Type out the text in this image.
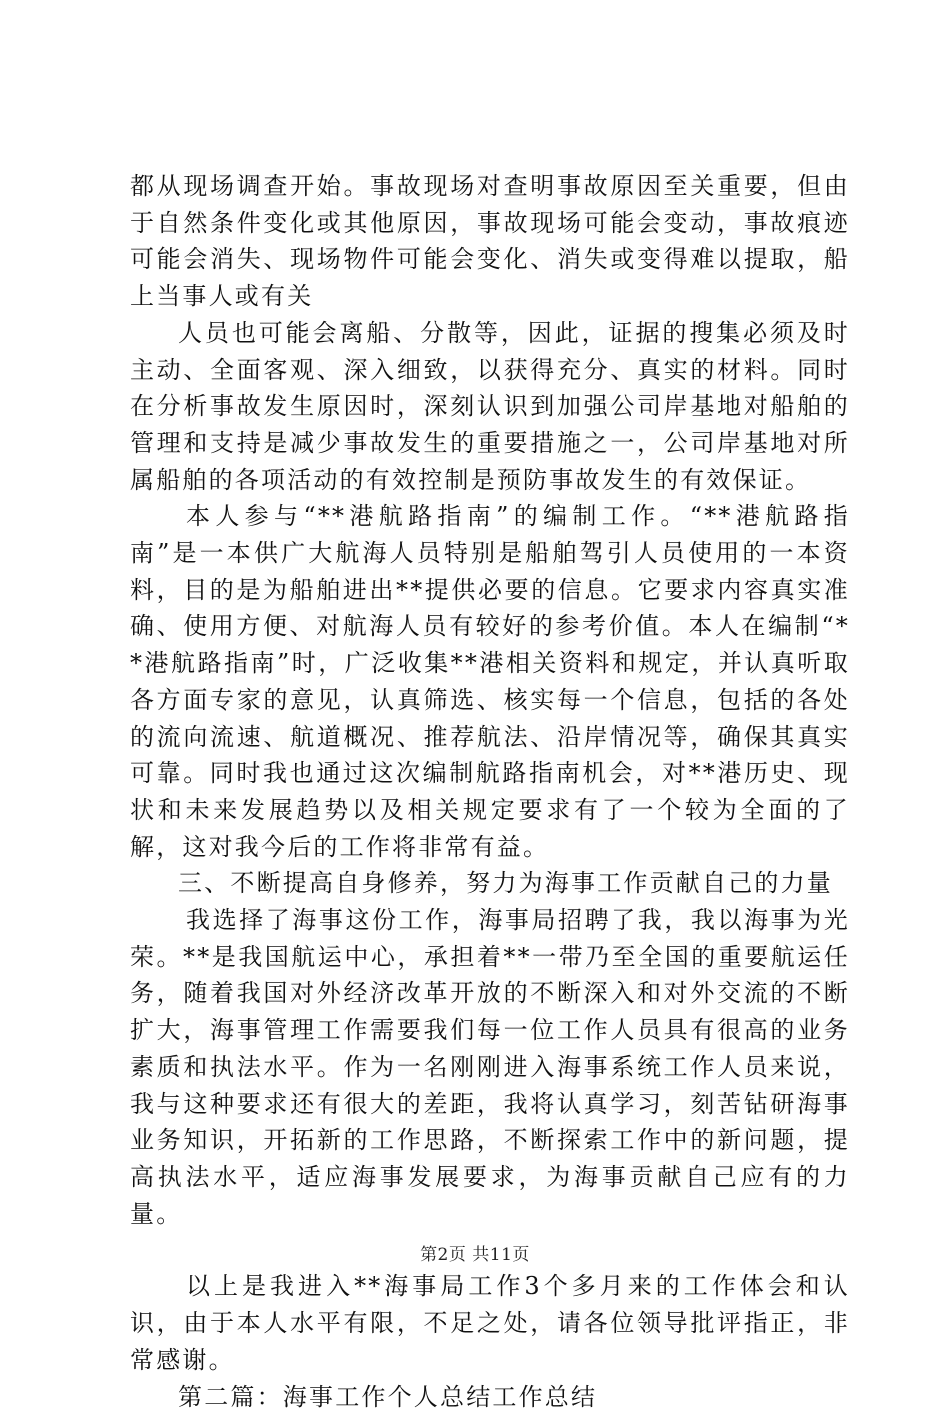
都从现场调查开始。事故现场对查明事故原因至关重要，但由于自然条件变化或其他原因，事故现场可能会变动，事故痕迹可能会消失、现场物件可能会变化、消失或变得难以提取，船上当事人或有关

人员也可能会离船、分散等，因此，证据的搜集必须及时主动、全面客观、深入细致，以获得充分、真实的材料。同时在分析事故发生原因时，深刻认识到加强公司岸基地对船舶的管理和支持是减少事故发生的重要措施之一，公司岸基地对所属船舶的各项活动的有效控制是预防事故发生的有效保证。

本人参与“**港航路指南”的编制工作。“**港航路指南”是一本供广大航海人员特别是船舶驾引人员使用的一本资料，目的是为船舶进出**提供必要的信息。它要求内容真实准确、使用方便、对航海人员有较好的参考价值。本人在编制“**港航路指南”时，广泛收集**港相关资料和规定，并认真听取各方面专家的意见，认真筛选、核实每一个信息，包括的各处的流向流速、航道概况、推荐航法、沿岸情况等，确保其真实可靠。同时我也通过这次编制航路指南机会，对**港历史、现状和未来发展趋势以及相关规定要求有了一个较为全面的了解，这对我今后的工作将非常有益。

三、不断提高自身修养，努力为海事工作贡献自己的力量

我选择了海事这份工作，海事局招聘了我，我以海事为光荣。**是我国航运中心，承担着**一带乃至全国的重要航运任务，随着我国对外经济改革开放的不断深入和对外交流的不断扩大，海事管理工作需要我们每一位工作人员具有很高的业务素质和执法水平。作为一名刚刚进入海事系统工作人员来说，我与这种要求还有很大的差距，我将认真学习，刻苦钻研海事业务知识，开拓新的工作思路，不断探索工作中的新问题，提高执法水平，适应海事发展要求，为海事贡献自己应有的力量。

以上是我进入**海事局工作3个多月来的工作体会和认识，由于本人水平有限，不足之处，请各位领导批评指正，非常感谢。

第二篇：海事工作个人总结工作总结

第2页 共11页
